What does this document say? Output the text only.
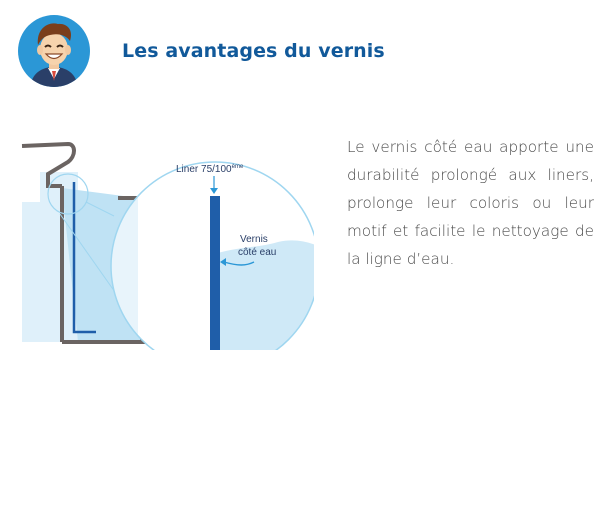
Les avantages du vernis
Liner 75/100ème
Vernis
côté eau

Le vernis côté eau apporte une durabilité prolongé aux liners, prolonge leur coloris ou leur motif et facilite le nettoyage de la ligne d’eau.
